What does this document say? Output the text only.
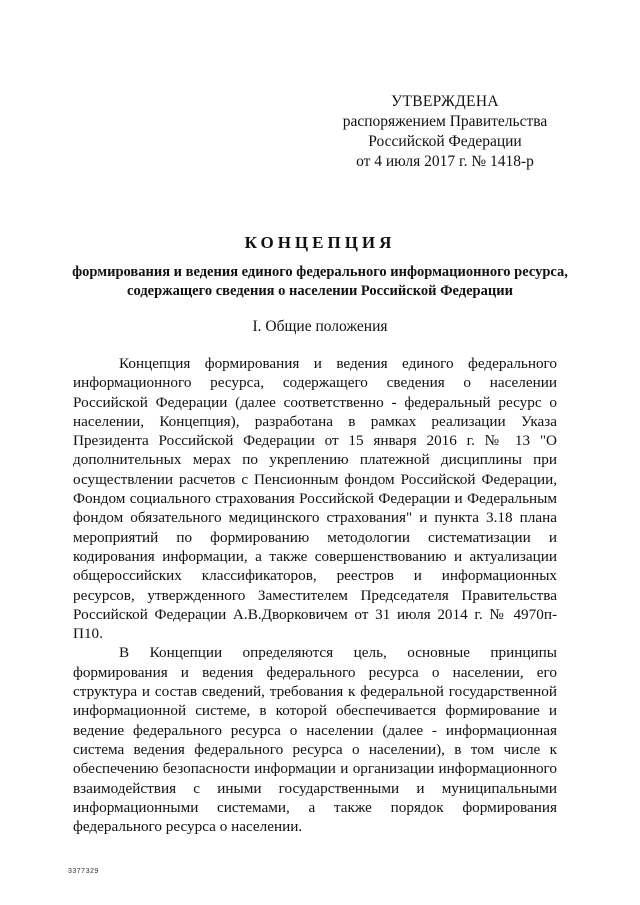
УТВЕРЖДЕНА
распоряжением Правительства
Российской Федерации
от 4 июля 2017 г. № 1418-р
КОНЦЕПЦИЯ
формирования и ведения единого федерального информационного ресурса, содержащего сведения о населении Российской Федерации
I. Общие положения

Концепция формирования и ведения единого федерального информационного ресурса, содержащего сведения о населении Российской Федерации (далее соответственно - федеральный ресурс о населении, Концепция), разработана в рамках реализации Указа Президента Российской Федерации от 15 января 2016 г. № 13 "О дополнительных мерах по укреплению платежной дисциплины при осуществлении расчетов с Пенсионным фондом Российской Федерации, Фондом социального страхования Российской Федерации и Федеральным фондом обязательного медицинского страхования" и пункта 3.18 плана мероприятий по формированию методологии систематизации и кодирования информации, а также совершенствованию и актуализации общероссийских классификаторов, реестров и информационных ресурсов, утвержденного Заместителем Председателя Правительства Российской Федерации А.В.Дворковичем от 31 июля 2014 г. № 4970п-П10.

В Концепции определяются цель, основные принципы формирования и ведения федерального ресурса о населении, его структура и состав сведений, требования к федеральной государственной информационной системе, в которой обеспечивается формирование и ведение федерального ресурса о населении (далее - информационная система ведения федерального ресурса о населении), в том числе к обеспечению безопасности информации и организации информационного взаимодействия с иными государственными и муниципальными информационными системами, а также порядок формирования федерального ресурса о населении.

3377329
